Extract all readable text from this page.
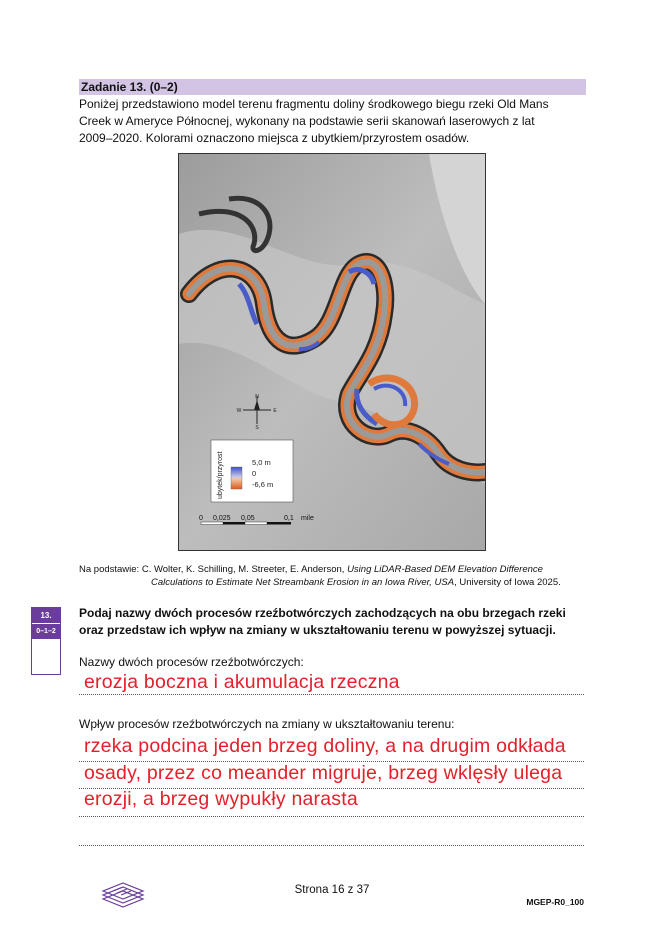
Zadanie 13. (0–2)
Poniżej przedstawiono model terenu fragmentu doliny środkowego biegu rzeki Old Mans
Creek w Ameryce Północnej, wykonany na podstawie serii skanowań laserowych z lat
2009–2020. Kolorami oznaczono miejsca z ubytkiem/przyrostem osadów.
N
S
W	E
ubytek/przyrost	5,0 m
0
-6,6 m
0 0,025 0,05	0,1 mile
Na podstawie: C. Wolter, K. Schilling, M. Streeter, E. Anderson, Using LiDAR-Based DEM Elevation Difference
Calculations to Estimate Net Streambank Erosion in an Iowa River, USA, University of Iowa 2025.
13.
0–1–2
Podaj nazwy dwóch procesów rzeźbotwórczych zachodzących na obu brzegach rzeki
oraz przedstaw ich wpływ na zmiany w ukształtowaniu terenu w powyższej sytuacji.
Nazwy dwóch procesów rzeźbotwórczych:
erozja boczna i akumulacja rzeczna
Wpływ procesów rzeźbotwórczych na zmiany w ukształtowaniu terenu:
rzeka podcina jeden brzeg doliny, a na drugim odkłada
osady, przez co meander migruje, brzeg wklęsły ulega
erozji, a brzeg wypukły narasta
Strona 16 z 37
MGEP-R0_100
